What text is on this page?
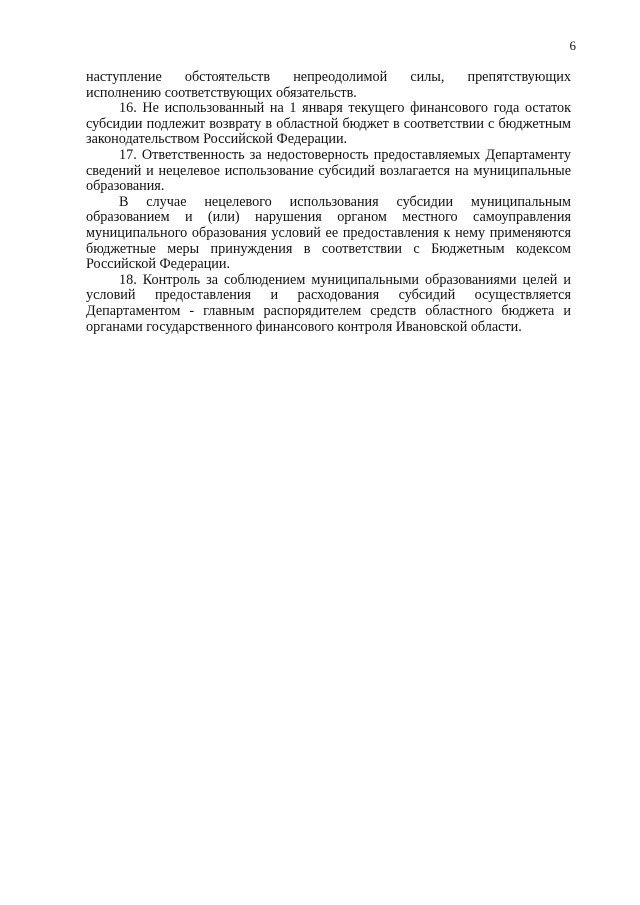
6

наступление обстоятельств непреодолимой силы, препятствующих исполнению соответствующих обязательств.

16. Не использованный на 1 января текущего финансового года остаток субсидии подлежит возврату в областной бюджет в соответствии с бюджетным законодательством Российской Федерации.

17. Ответственность за недостоверность предоставляемых Департаменту сведений и нецелевое использование субсидий возлагается на муниципальные образования.

В случае нецелевого использования субсидии муниципальным образованием и (или) нарушения органом местного самоуправления муниципального образования условий ее предоставления к нему применяются бюджетные меры принуждения в соответствии с Бюджетным кодексом Российской Федерации.

18. Контроль за соблюдением муниципальными образованиями целей и условий предоставления и расходования субсидий осуществляется Департаментом - главным распорядителем средств областного бюджета и органами государственного финансового контроля Ивановской области.
